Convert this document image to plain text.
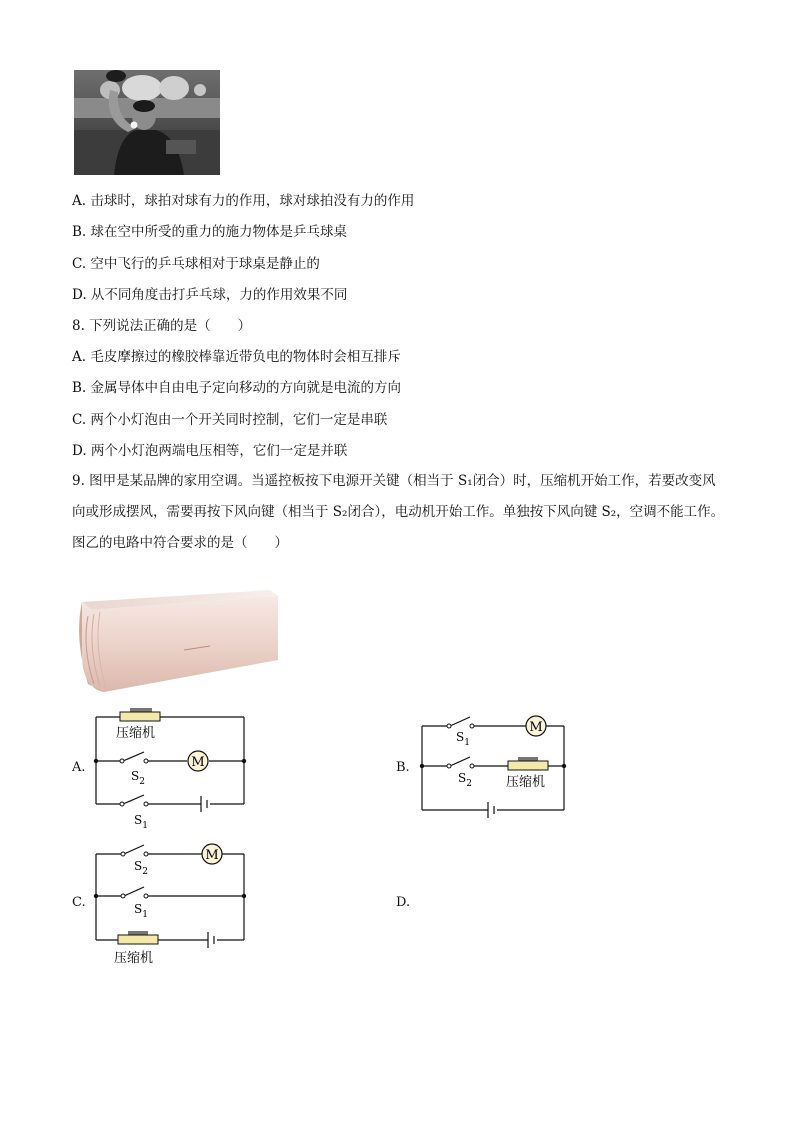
A. 击球时，球拍对球有力的作用，球对球拍没有力的作用
B. 球在空中所受的重力的施力物体是乒乓球桌
C. 空中飞行的乒乓球相对于球桌是静止的
D. 从不同角度击打乒乓球，力的作用效果不同
8. 下列说法正确的是（　　）
A. 毛皮摩擦过的橡胶棒靠近带负电的物体时会相互排斥
B. 金属导体中自由电子定向移动的方向就是电流的方向
C. 两个小灯泡由一个开关同时控制，它们一定是串联
D. 两个小灯泡两端电压相等，它们一定是并联
9. 图甲是某品牌的家用空调。当遥控板按下电源开关键（相当于 S₁闭合）时，压缩机开始工作，若要改变风向或形成摆风，需要再按下风向键（相当于 S₂闭合），电动机开始工作。单独按下风向键 S₂，空调不能工作。图乙的电路中符合要求的是（　　）
A.	B.
C.	D.
M
压缩机
$S_2$
$S_1$
M
压缩机
$S_1$
$S_2$
M
压缩机
$S_2$
$S_1$
